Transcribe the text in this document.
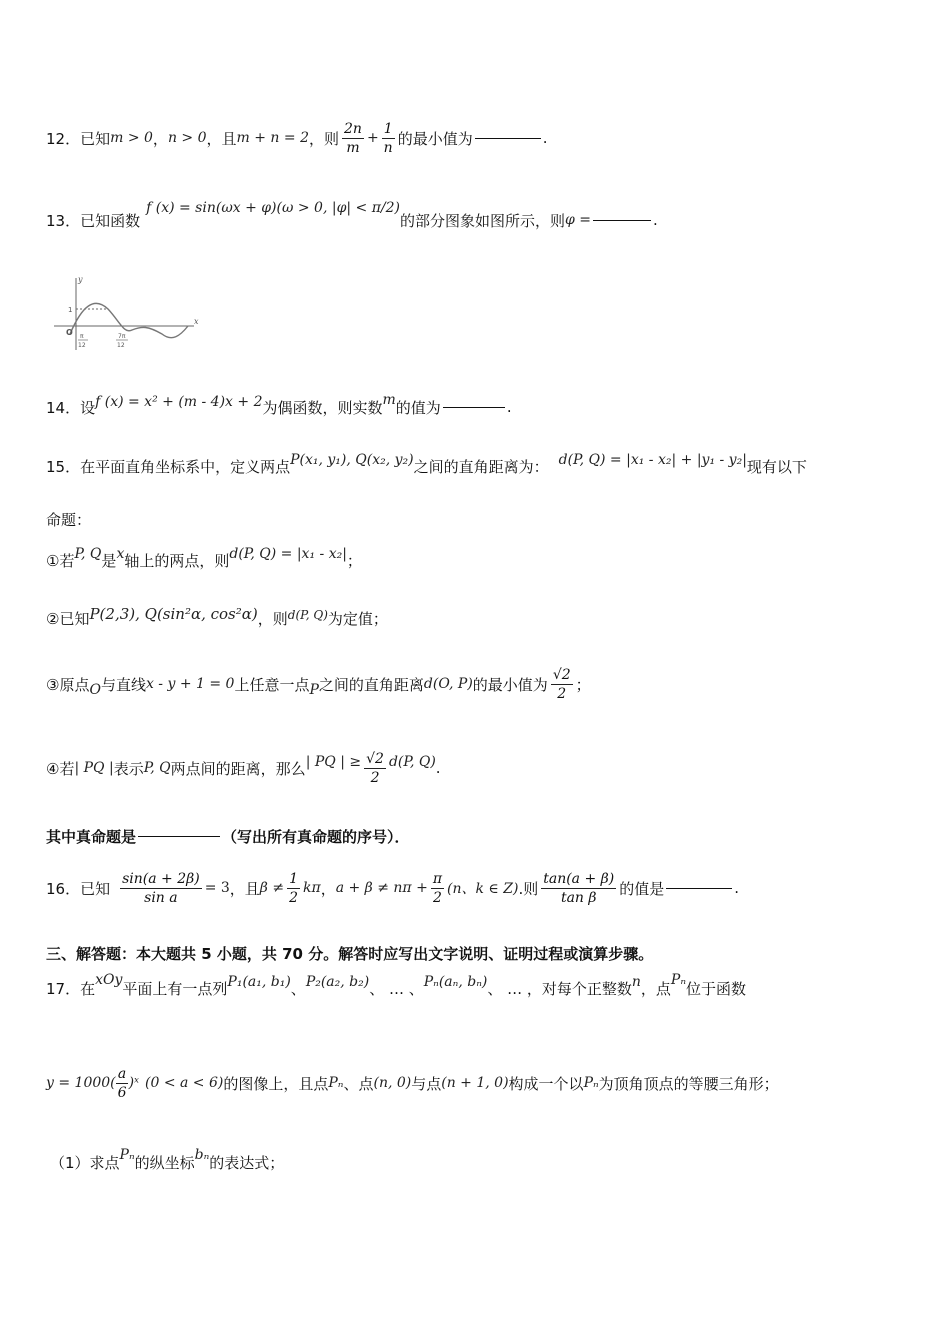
12．已知 m > 0 ， n > 0 ，且 m + n = 2 ，则 $\frac{2n}{m} + \frac{1}{n}$ 的最小值为	.
13．已知函数
f (x) = sin(ωx + φ) (ω > 0, |φ| < π/2)
的部分图象如图所示，则 φ =	.
y
x
1
O π
12
7π
12
14．设 f (x) = x² + (m - 4)x + 2 为偶函数，则实数 m 的值为	.
15．在平面直角坐标系中，定义两点 P(x₁, y₁), Q(x₂, y₂) 之间的直角距离为： d(P, Q) = |x₁ - x₂| + |y₁ - y₂| 现有以下
命题：
①若 P, Q 是 x 轴上的两点，则 d(P, Q) = |x₁ - x₂| ；
②已知 P(2,3), Q(sin²α, cos²α) ，则 d(P, Q) 为定值；
③原点 O 与直线 x - y + 1 = 0 上任意一点 P 之间的直角距离 d(O, P) 的最小值为 $\frac{√2}{2}$ ；
④若 | PQ | 表示 P, Q 两点间的距离，那么 | PQ | ≥ $\frac{√2}{2} d(P$, Q) .
其中真命题是	（写出所有真命题的序号）．
16．已知 $\frac{\sin(a + 2\beta)}{\text{sin a}} = 3$ ，且 $\beta \ne \frac{1}{2}$ kπ ， $a + \beta \ne n\pi + \frac{\pi}{2} (n$、k ∈ Z) .则 $\frac{\tan(a + \beta)}{\text{tan β}}$ 的值是	.
三、解答题：本大题共 5 小题，共 70 分。解答时应写出文字说明、证明过程或演算步骤。
17．在 xOy 平面上有一点列 P₁(a₁, b₁) 、 P₂(a₂, b₂) 、 … 、 Pₙ(aₙ, bₙ) 、 … ，对每个正整数 n ，点 Pₙ 位于函数
$y = 1000( \frac{a}{6}$ )ˣ (0 < a < 6) 的图像上，且点 Pₙ 、点 (n, 0) 与点 (n + 1, 0) 构成一个以 Pₙ 为顶角顶点的等腰三角形；
（1）求点 Pₙ 的纵坐标 bₙ 的表达式；
